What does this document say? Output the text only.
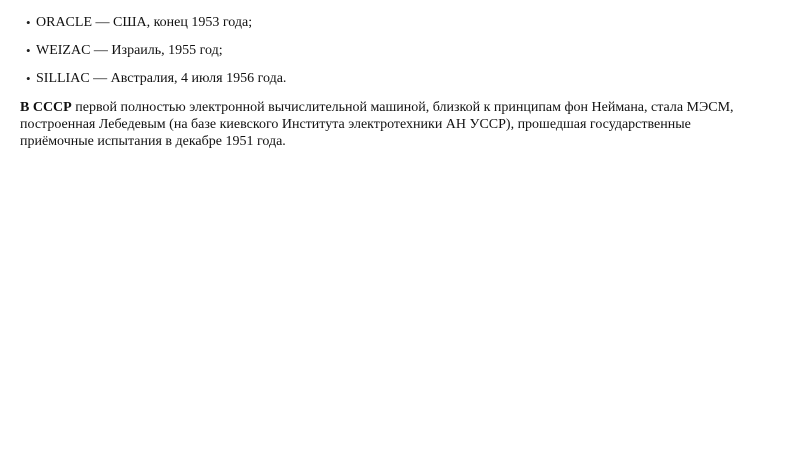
• ORACLE — США, конец 1953 года;
• WEIZAC — Израиль, 1955 год;
• SILLIAC — Австралия, 4 июля 1956 года.

В СССР первой полностью электронной вычислительной машиной, близкой к принципам фон Неймана, стала МЭСМ, построенная Лебедевым (на базе киевского Института электротехники АН УССР), прошедшая государственные приёмочные испытания в декабре 1951 года.
